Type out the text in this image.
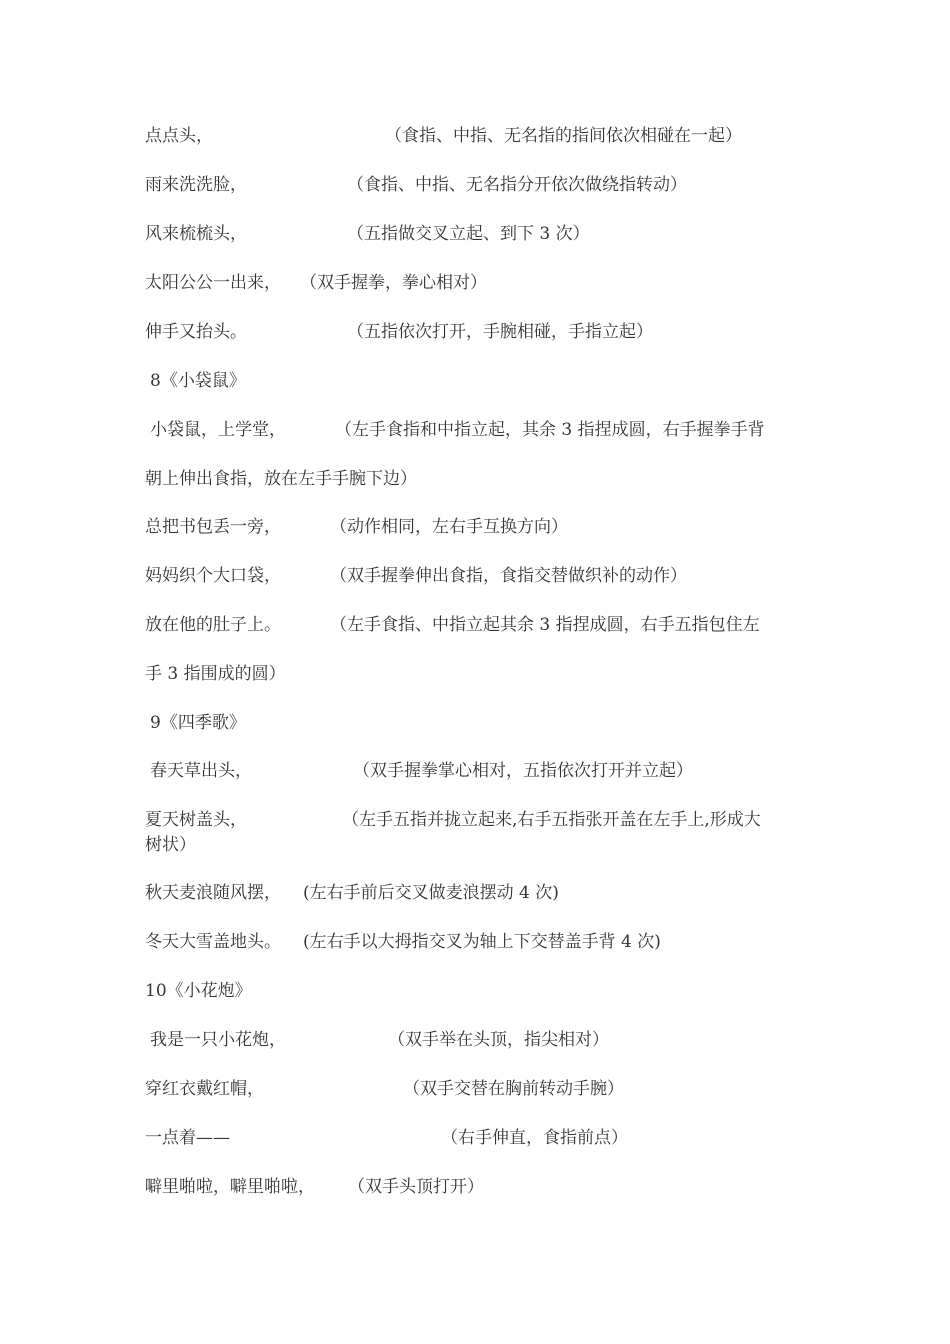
点点头，	（食指、中指、无名指的指间依次相碰在一起）
雨来洗洗脸，	（食指、中指、无名指分开依次做绕指转动）
风来梳梳头，	（五指做交叉立起、到下 3 次）
太阳公公一出来， （双手握拳，拳心相对）
伸手又抬头。	（五指依次打开，手腕相碰，手指立起）
8《小袋鼠》
小袋鼠，上学堂，	（左手食指和中指立起，其余 3 指捏成圆，右手握拳手背
朝上伸出食指，放在左手手腕下边）
总把书包丢一旁，	（动作相同，左右手互换方向）
妈妈织个大口袋，	（双手握拳伸出食指，食指交替做织补的动作）
放在他的肚子上。	（左手食指、中指立起其余 3 指捏成圆，右手五指包住左
手 3 指围成的圆）
9《四季歌》
春天草出头，	（双手握拳掌心相对，五指依次打开并立起）
夏天树盖头，	（左手五指并拢立起来,右手五指张开盖在左手上,形成大
树状）
秋天麦浪随风摆， (左右手前后交叉做麦浪摆动 4 次)
冬天大雪盖地头。 (左右手以大拇指交叉为轴上下交替盖手背 4 次)
10《小花炮》
我是一只小花炮，	（双手举在头顶，指尖相对）
穿红衣戴红帽，	（双手交替在胸前转动手腕）
一点着——	（右手伸直，食指前点）
噼里啪啦，噼里啪啦， （双手头顶打开）
